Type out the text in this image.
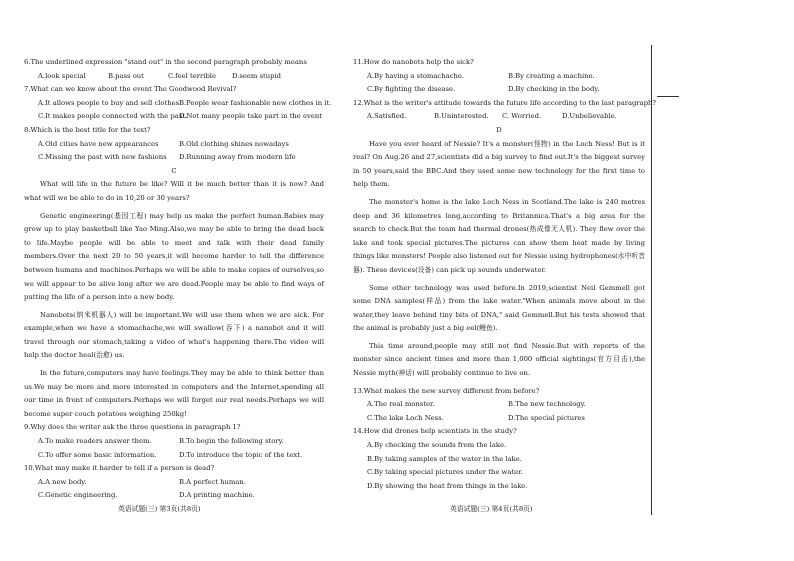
6.The underlined expression "stand out" in the second paragraph probably means
A.look special	B.pass out	C.feel terrible	D.seem stupid
7.What can we know about the event The Goodwood Revival?
A.It allows people to buy and sell clothes.
B.People wear fashionable new clothes in it.
C.It makes people connected with the past.
D.Not many people take part in the event
8.Which is the best title for the text?
A.Old cities have new appearances	B.Old clothing shines nowadays
C.Missing the past with new fashions	D.Running away from modern life
C
What will life in the future be like? Will it be much better than it is now? And what will we be able to do in 10,20 or 30 years?
Genetic engineering(基因工程) may help us make the perfect human.Babies may grow up to play basketball like Yao Ming.Also,we may be able to bring the dead back to life.Maybe people will be able to meet and talk with their dead family members.Over the next 20 to 50 years,it will become harder to tell the difference between humans and machines.Perhaps we will be able to make copies of ourselves,so we will appear to be alive long after we are dead.People may be able to find ways of putting the life of a person into a new body.
Nanobots(纳米机器人) will be important.We will use them when we are sick. For example,when we have a stomachache,we will swallow(吞下) a nanobot and it will travel through our stomach,taking a video of what's happening there.The video will help the doctor heal(治愈) us.
In the future,computers may have feelings.They may be able to think better than us.We may be more and more interested in computers and the Internet,spending all our time in front of computers.Perhaps we will forget our real needs.Perhaps we will become super couch potatoes weighing 250kg!
9.Why does the writer ask the three questions in paragraph 1?
A.To make readers answer them.	B.To begin the following story.
C.To offer some basic information.	D.To introduce the topic of the text.
10.What may make it harder to tell if a person is dead?
A.A new body.	B.A perfect human.
C.Genetic engineering.	D.A printing machine.
11.How do nanobots help the sick?
A.By having a stomachache.	B.By creating a machine.
C.By fighting the disease.	D.By checking in the body.
12.What is the writer's attitude towards the future life according to the last paragraph?
A.Satisfied.	B.Uninterested.	C. Worried.	D.Unbelievable.
D
Have you ever heard of Nessie? It's a monster(怪物) in the Loch Ness! But is it real? On Aug.26 and 27,scientists did a big survey to find out.It's the biggest survey in 50 years,said the BBC.And they used some new technology for the first time to help them.
The monster's home is the lake Loch Ness in Scotland.The lake is 240 metres deep and 36 kilometres long,according to Britannica.That's a big area for the search to check.But the team had thermal drones(热成像无人机). They flew over the lake and took special pictures.The pictures can show them heat made by living things like monsters! People also listened out for Nessie using hydrophones(水中听音器). These devices(设备) can pick up sounds underwater.
Some other technology was used before.In 2019,scientist Neil Gemmell got some DNA samples(样品) from the lake water."When animals move about in the water,they leave behind tiny bits of DNA," said Gemmell.But his tests showed that the animal is probably just a big eel(鳗鱼).
This time around,people may still not find Nessie.But with reports of the monster since ancient times and more than 1,000 official sightings(官方目击),the Nessie myth(神话) will probably continue to live on.
13.What makes the new survey different from before?
A.The real monster.	B.The new technology.
C.The lake Loch Ness.	D.The special pictures
14.How did drones help scientists in the study?
A.By checking the sounds from the lake.
B.By taking samples of the water in the lake.
C.By taking special pictures under the water.
D.By showing the heat from things in the lake.
英语试题(三) 第3页(共8页)	英语试题(三) 第4页(共8页)
